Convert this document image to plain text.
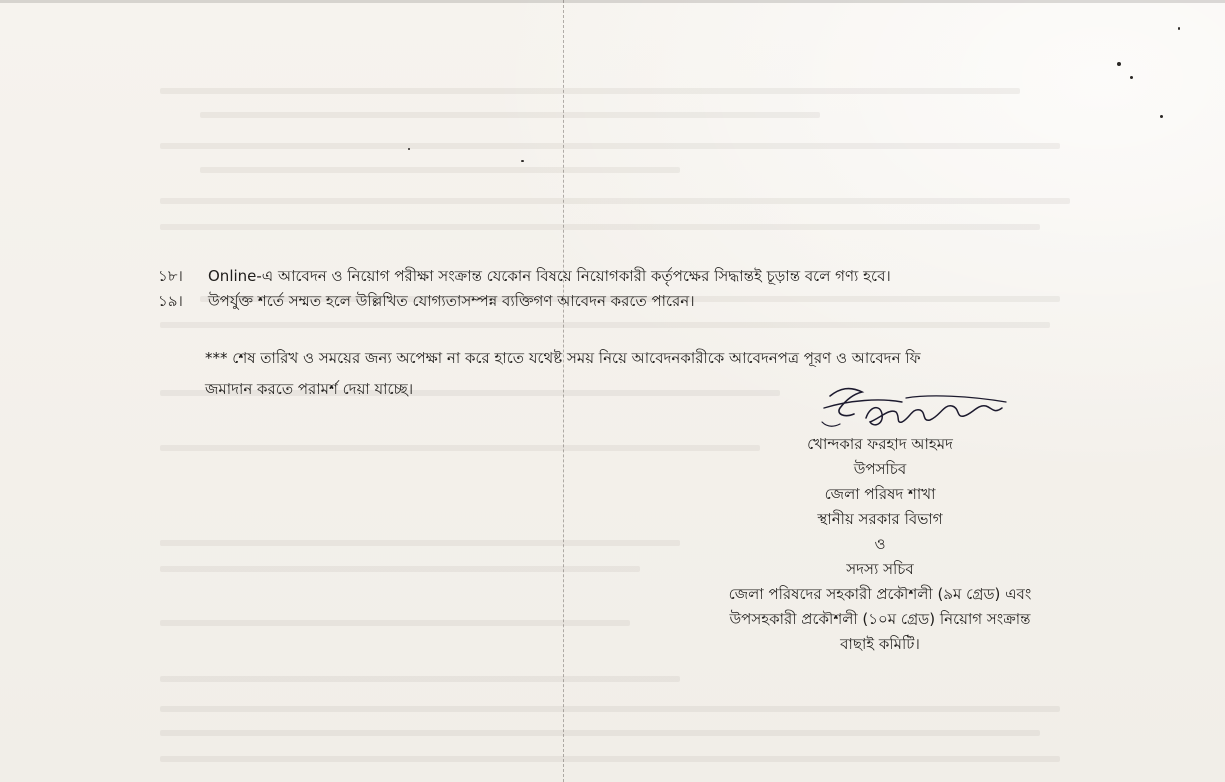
১৮। Online-এ আবেদন ও নিয়োগ পরীক্ষা সংক্রান্ত যেকোন বিষয়ে নিয়োগকারী কর্তৃপক্ষের সিদ্ধান্তই চূড়ান্ত বলে গণ্য হবে।
১৯। উপর্যুক্ত শর্তে সম্মত হলে উল্লিখিত যোগ্যতাসম্পন্ন ব্যক্তিগণ আবেদন করতে পারেন।
*** শেষ তারিখ ও সময়ের জন্য অপেক্ষা না করে হাতে যথেষ্ট সময় নিয়ে আবেদনকারীকে আবেদনপত্র পূরণ ও আবেদন ফি
জমাদান করতে পরামর্শ দেয়া যাচ্ছে।
খোন্দকার ফরহাদ আহমদ
উপসচিব
জেলা পরিষদ শাখা
স্থানীয় সরকার বিভাগ
ও
সদস্য সচিব
জেলা পরিষদের সহকারী প্রকৌশলী (৯ম গ্রেড) এবং
উপসহকারী প্রকৌশলী (১০ম গ্রেড) নিয়োগ সংক্রান্ত
বাছাই কমিটি।
